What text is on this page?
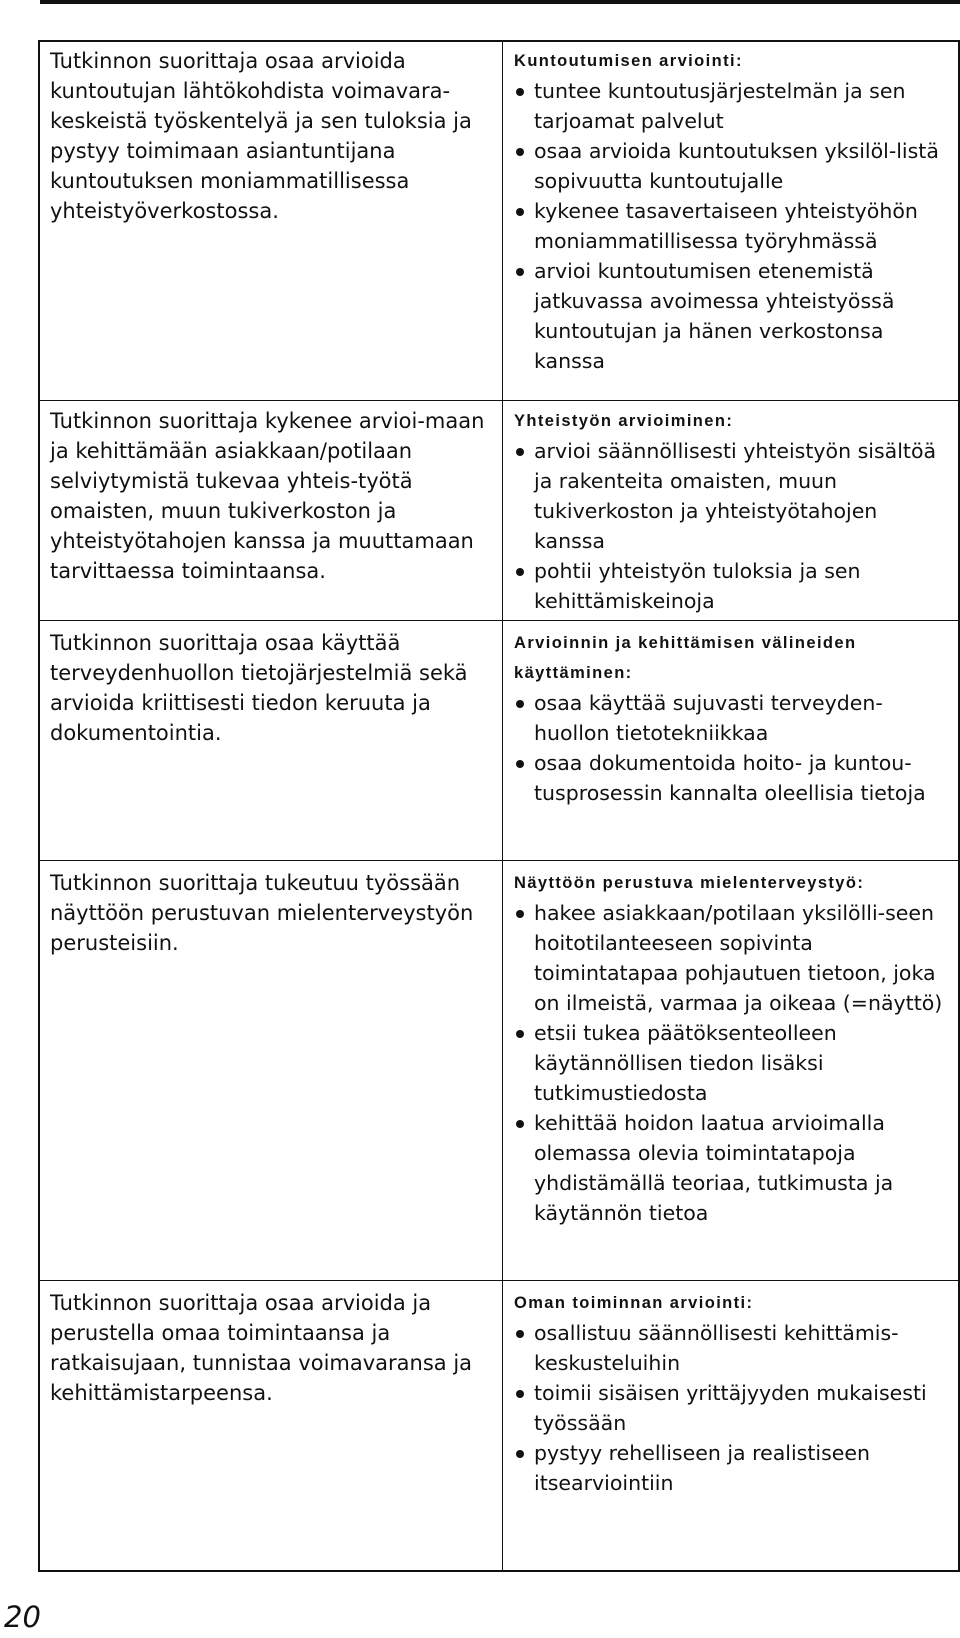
Tutkinnon suorittaja osaa arvioida kuntoutujan lähtökohdista voimavara-keskeistä työskentelyä ja sen tuloksia ja pystyy toimimaan asiantuntijana kuntoutuksen moniammatillisessa yhteistyöverkostossa.

Kuntoutumisen arviointi:

tuntee kuntoutusjärjestelmän ja sen tarjoamat palvelut
osaa arvioida kuntoutuksen yksilöl-listä sopivuutta kuntoutujalle
kykenee tasavertaiseen yhteistyöhön moniammatillisessa työryhmässä
arvioi kuntoutumisen etenemistä jatkuvassa avoimessa yhteistyössä kuntoutujan ja hänen verkostonsa kanssa

Tutkinnon suorittaja kykenee arvioi-maan ja kehittämään asiakkaan/potilaan selviytymistä tukevaa yhteis-työtä omaisten, muun tukiverkoston ja yhteistyötahojen kanssa ja muuttamaan tarvittaessa toimintaansa.

Yhteistyön arvioiminen:

arvioi säännöllisesti yhteistyön sisältöä ja rakenteita omaisten, muun tukiverkoston ja yhteistyötahojen kanssa
pohtii yhteistyön tuloksia ja sen kehittämiskeinoja

Tutkinnon suorittaja osaa käyttää terveydenhuollon tietojärjestelmiä sekä arvioida kriittisesti tiedon keruuta ja dokumentointia.

Arvioinnin ja kehittämisen välineiden käyttäminen:

osaa käyttää sujuvasti terveyden-huollon tietotekniikkaa
osaa dokumentoida hoito- ja kuntou-tusprosessin kannalta oleellisia tietoja

Tutkinnon suorittaja tukeutuu työssään näyttöön perustuvan mielenterveystyön perusteisiin.

Näyttöön perustuva mielenterveystyö:

hakee asiakkaan/potilaan yksilölli-seen hoitotilanteeseen sopivinta toimintatapaa pohjautuen tietoon, joka on ilmeistä, varmaa ja oikeaa (=näyttö)
etsii tukea päätöksenteolleen käytännöllisen tiedon lisäksi tutkimustiedosta
kehittää hoidon laatua arvioimalla olemassa olevia toimintatapoja yhdistämällä teoriaa, tutkimusta ja käytännön tietoa

Tutkinnon suorittaja osaa arvioida ja perustella omaa toimintaansa ja ratkaisujaan, tunnistaa voimavaransa ja kehittämistarpeensa.

Oman toiminnan arviointi:

osallistuu säännöllisesti kehittämis-keskusteluihin
toimii sisäisen yrittäjyyden mukaisesti työssään
pystyy rehelliseen ja realistiseen itsearviointiin
20
